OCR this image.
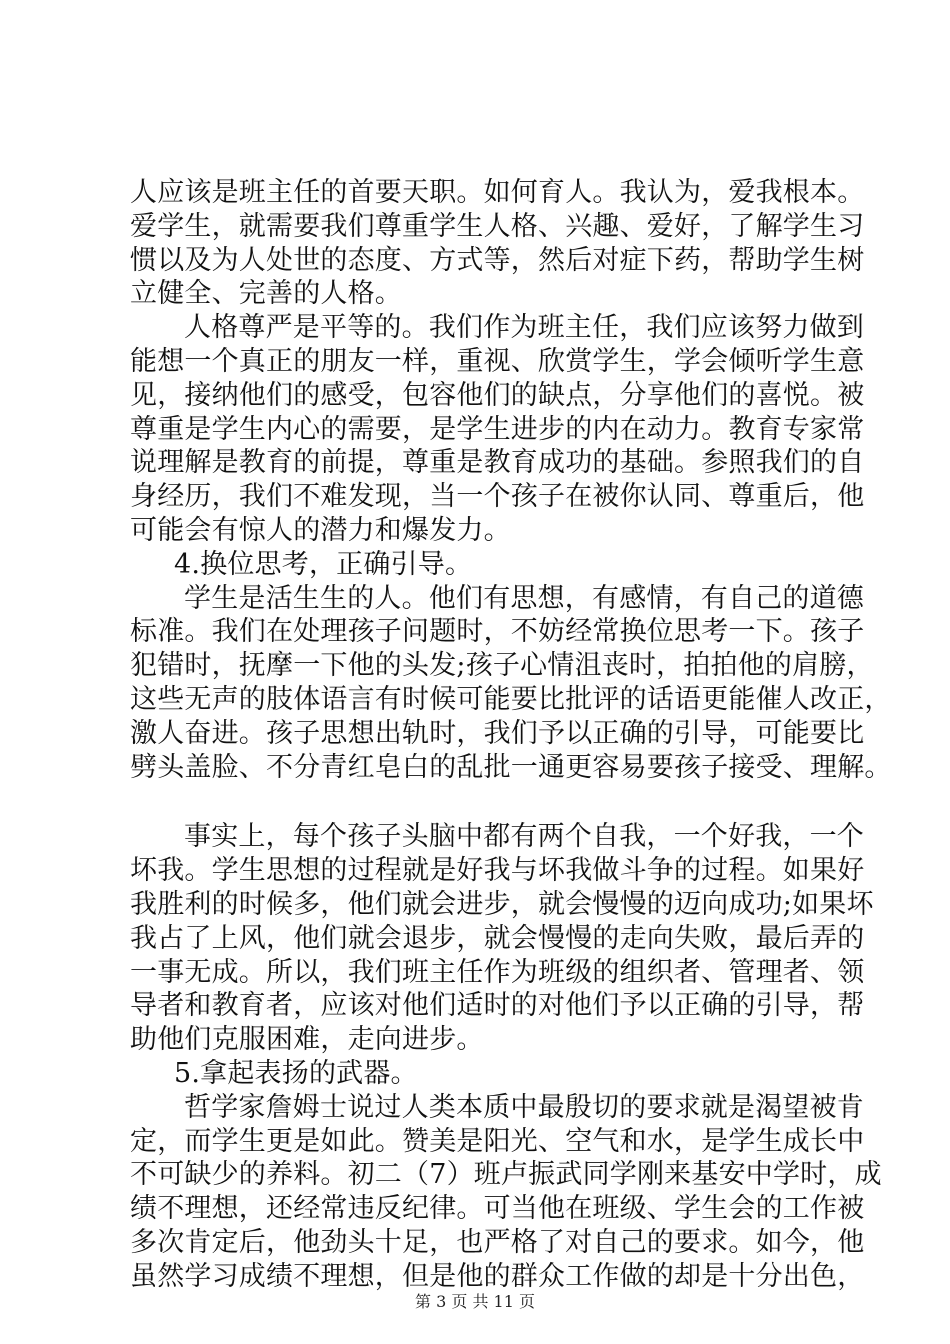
人应该是班主任的首要天职。如何育人。我认为，爱我根本。
爱学生，就需要我们尊重学生人格、兴趣、爱好，了解学生习
惯以及为人处世的态度、方式等，然后对症下药，帮助学生树
立健全、完善的人格。
人格尊严是平等的。我们作为班主任，我们应该努力做到
能想一个真正的朋友一样，重视、欣赏学生，学会倾听学生意
见，接纳他们的感受，包容他们的缺点，分享他们的喜悦。被
尊重是学生内心的需要，是学生进步的内在动力。教育专家常
说理解是教育的前提，尊重是教育成功的基础。参照我们的自
身经历，我们不难发现，当一个孩子在被你认同、尊重后，他
可能会有惊人的潜力和爆发力。
4.换位思考，正确引导。
学生是活生生的人。他们有思想，有感情，有自己的道德
标准。我们在处理孩子问题时，不妨经常换位思考一下。孩子
犯错时，抚摩一下他的头发;孩子心情沮丧时，拍拍他的肩膀，
这些无声的肢体语言有时候可能要比批评的话语更能催人改正，
激人奋进。孩子思想出轨时，我们予以正确的引导，可能要比
劈头盖脸、不分青红皂白的乱批一通更容易要孩子接受、理解。
事实上，每个孩子头脑中都有两个自我，一个好我，一个
坏我。学生思想的过程就是好我与坏我做斗争的过程。如果好
我胜利的时候多，他们就会进步，就会慢慢的迈向成功;如果坏
我占了上风，他们就会退步，就会慢慢的走向失败，最后弄的
一事无成。所以，我们班主任作为班级的组织者、管理者、领
导者和教育者，应该对他们适时的对他们予以正确的引导，帮
助他们克服困难，走向进步。
5.拿起表扬的武器。
哲学家詹姆士说过人类本质中最殷切的要求就是渴望被肯
定，而学生更是如此。赞美是阳光、空气和水，是学生成长中
不可缺少的养料。初二（7）班卢振武同学刚来基安中学时，成
绩不理想，还经常违反纪律。可当他在班级、学生会的工作被
多次肯定后，他劲头十足，也严格了对自己的要求。如今，他
虽然学习成绩不理想，但是他的群众工作做的却是十分出色，
第 3 页 共 11 页
